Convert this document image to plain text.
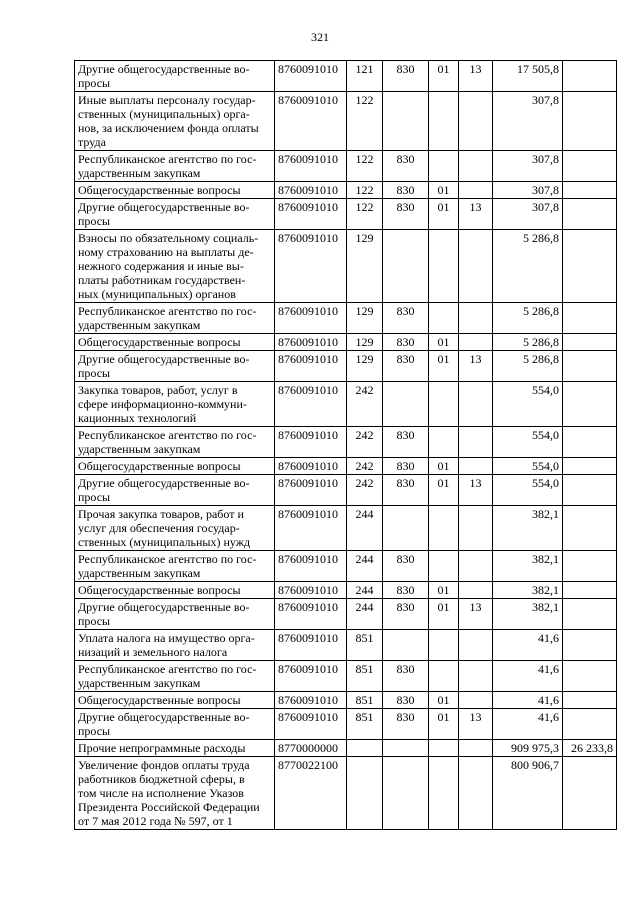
321
Другие общегосударственные во-
просы	8760091010	121	830	01	13	17 505,8	
Иные выплаты персоналу государ-
ственных (муниципальных) орга-
нов, за исключением фонда оплаты
труда	8760091010	122				307,8	
Республиканское агентство по гос-
ударственным закупкам	8760091010	122	830			307,8	
Общегосударственные вопросы	8760091010	122	830	01		307,8	
Другие общегосударственные во-
просы	8760091010	122	830	01	13	307,8	
Взносы по обязательному социаль-
ному страхованию на выплаты де-
нежного содержания и иные вы-
платы работникам государствен-
ных (муниципальных) органов	8760091010	129				5 286,8	
Республиканское агентство по гос-
ударственным закупкам	8760091010	129	830			5 286,8	
Общегосударственные вопросы	8760091010	129	830	01		5 286,8	
Другие общегосударственные во-
просы	8760091010	129	830	01	13	5 286,8	
Закупка товаров, работ, услуг в
сфере информационно-коммуни-
кационных технологий	8760091010	242				554,0	
Республиканское агентство по гос-
ударственным закупкам	8760091010	242	830			554,0	
Общегосударственные вопросы	8760091010	242	830	01		554,0	
Другие общегосударственные во-
просы	8760091010	242	830	01	13	554,0	
Прочая закупка товаров, работ и
услуг для обеспечения государ-
ственных (муниципальных) нужд	8760091010	244				382,1	
Республиканское агентство по гос-
ударственным закупкам	8760091010	244	830			382,1	
Общегосударственные вопросы	8760091010	244	830	01		382,1	
Другие общегосударственные во-
просы	8760091010	244	830	01	13	382,1	
Уплата налога на имущество орга-
низаций и земельного налога	8760091010	851				41,6	
Республиканское агентство по гос-
ударственным закупкам	8760091010	851	830			41,6	
Общегосударственные вопросы	8760091010	851	830	01		41,6	
Другие общегосударственные во-
просы	8760091010	851	830	01	13	41,6	
Прочие непрограммные расходы	8770000000					909 975,3	26 233,8
Увеличение фондов оплаты труда
работников бюджетной сферы, в
том числе на исполнение Указов
Президента Российской Федерации
от 7 мая 2012 года № 597, от 1	8770022100					800 906,7	
